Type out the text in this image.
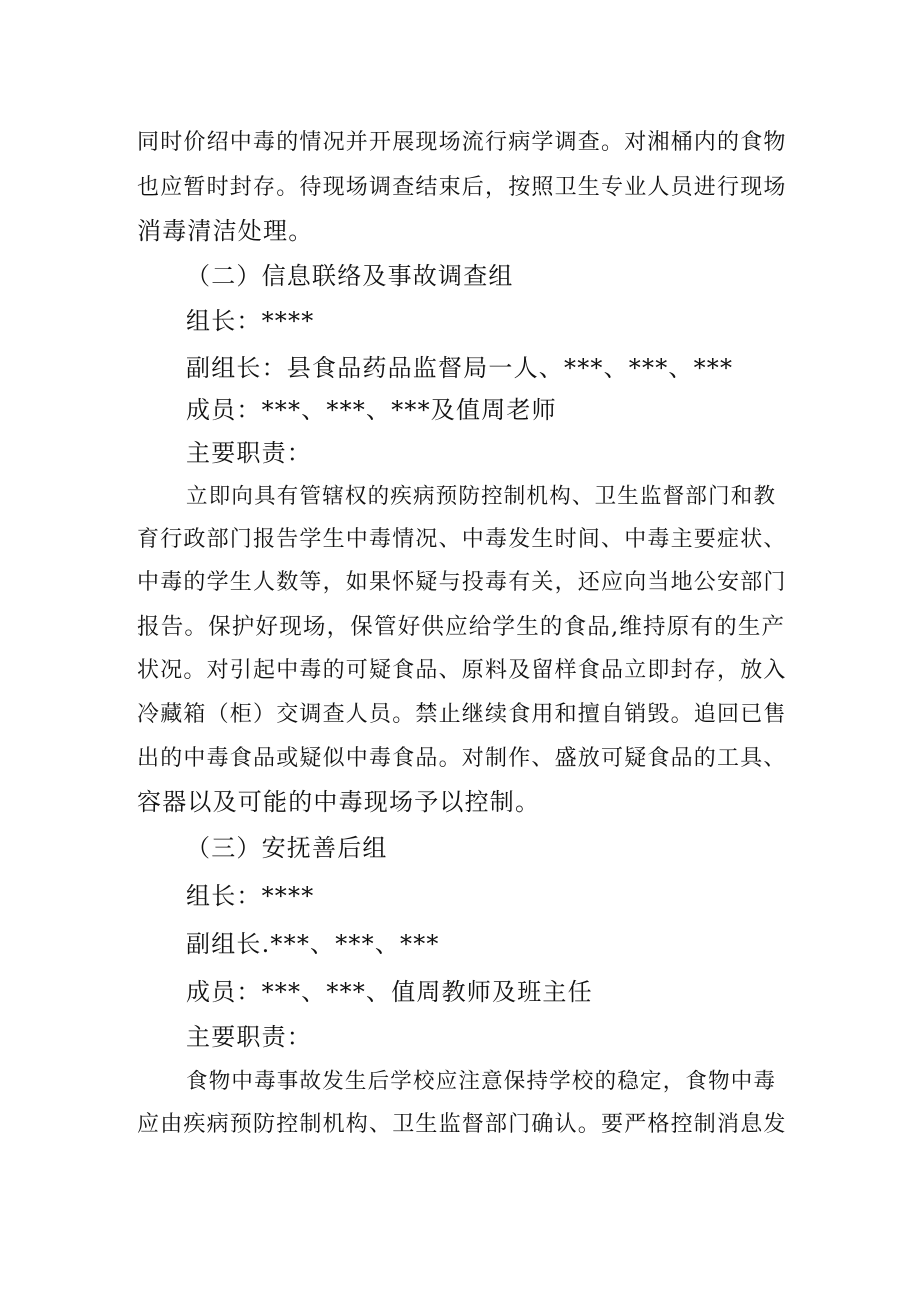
同时价绍中毒的情况并开展现场流行病学调查。对湘桶内的食物
也应暂时封存。待现场调查结束后，按照卫生专业人员进行现场
消毒清洁处理。
（二）信息联络及事故调查组
组长：****
副组长：县食品药品监督局一人、***、***、***
成员：***、***、***及值周老师
主要职责：
立即向具有管辖权的疾病预防控制机构、卫生监督部门和教
育行政部门报告学生中毒情况、中毒发生时间、中毒主要症状、
中毒的学生人数等，如果怀疑与投毒有关，还应向当地公安部门
报告。保护好现场，保管好供应给学生的食品,维持原有的生产
状况。对引起中毒的可疑食品、原料及留样食品立即封存，放入
冷藏箱（柜）交调查人员。禁止继续食用和擅自销毁。追回已售
出的中毒食品或疑似中毒食品。对制作、盛放可疑食品的工具、
容器以及可能的中毒现场予以控制。
（三）安抚善后组
组长：****
副组长.***、***、***
成员：***、***、值周教师及班主任
主要职责：
食物中毒事故发生后学校应注意保持学校的稳定，食物中毒
应由疾病预防控制机构、卫生监督部门确认。要严格控制消息发
